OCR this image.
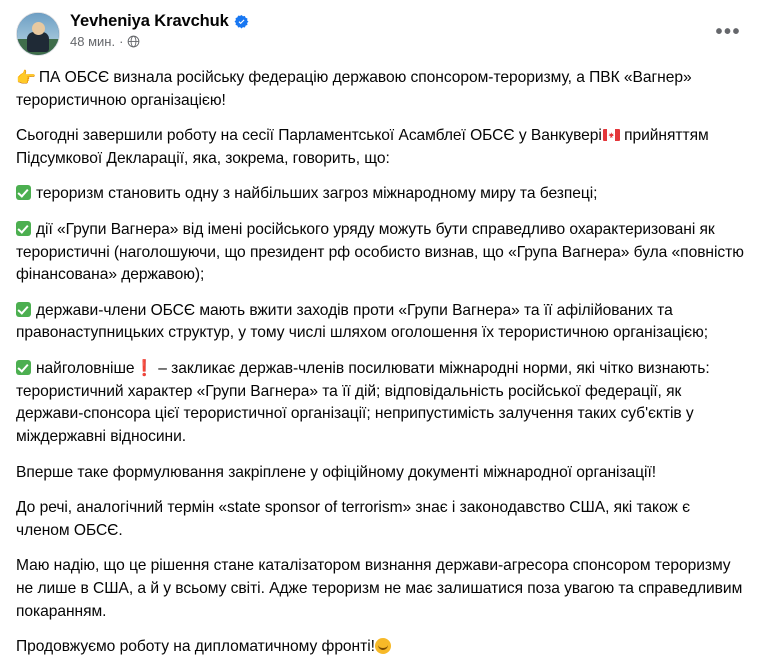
Yevheniya Kravchuk
48 мин. ·	•••

👉 ПА ОБСЄ визнала російську федерацію державою спонсором-тероризму, а ПВК «Вагнер» терористичною організацією!

Сьогодні завершили роботу на сесії Парламентської Асамблеї ОБСЄ у Ванкувері
прийняттям Підсумкової Декларації, яка, зокрема, говорить, що:

тероризм становить одну з найбільших загроз міжнародному миру та безпеці;

дії «Групи Вагнера» від імені російського уряду можуть бути справедливо охарактеризовані як терористичні (наголошуючи, що президент рф особисто визнав, що «Група Вагнера» була «повністю фінансована» державою);

держави-члени ОБСЄ мають вжити заходів проти «Групи Вагнера» та її афілійованих та правонаступницьких структур, у тому числі шляхом оголошення їх терористичною організацією;

найголовніше❗ – закликає держав-членів посилювати міжнародні норми, які чітко визнають: терористичний характер «Групи Вагнера» та її дій; відповідальність російської федерації, як держави-спонсора цієї терористичної організації; неприпустимість залучення таких суб'єктів у міждержавні відносини.

Вперше таке формулювання закріплене у офіційному документі міжнародної організації!

До речі, аналогічний термін «state sponsor of terrorism» знає і законодавство США, які також є членом ОБСЄ.

Маю надію, що це рішення стане каталізатором визнання держави-агресора спонсором тероризму не лише в США, а й у всьому світі. Адже тероризм не має залишатися поза увагою та справедливим покаранням.

Продовжуємо роботу на дипломатичному фронті!
